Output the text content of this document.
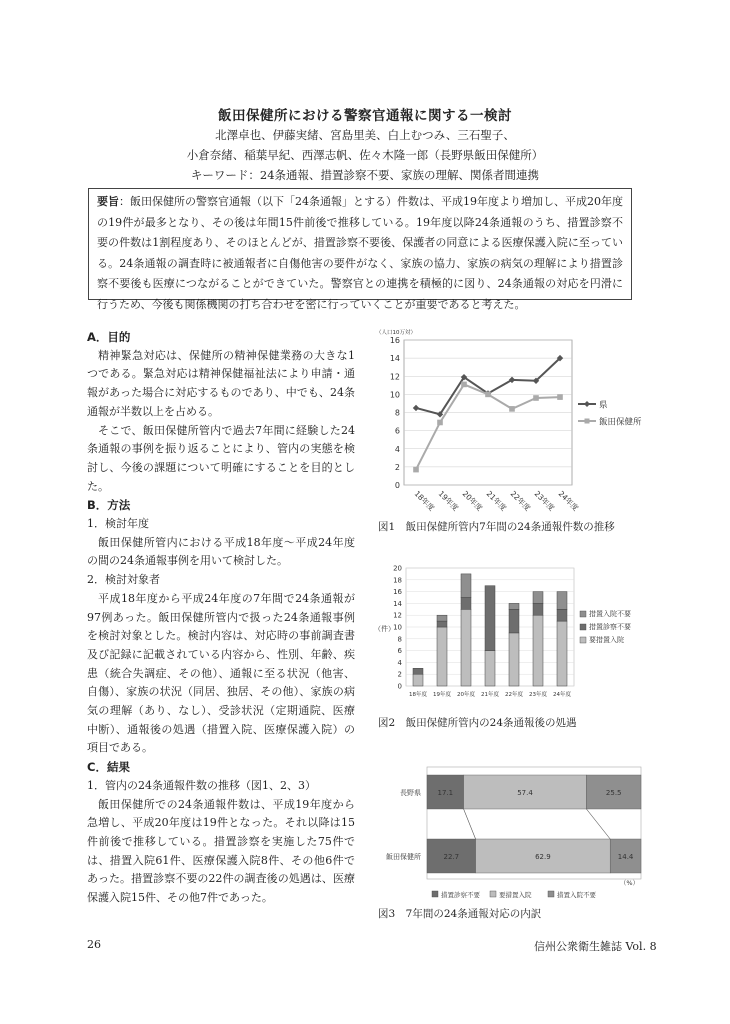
飯田保健所における警察官通報に関する一検討
北澤卓也、伊藤実緒、宮島里美、白上むつみ、三石聖子、
小倉奈緒、稲葉早紀、西澤志帆、佐々木隆一郎（長野県飯田保健所）
キーワード：24条通報、措置診察不要、家族の理解、関係者間連携
要旨：飯田保健所の警察官通報（以下「24条通報」とする）件数は、平成19年度より増加し、平成20年度の19件が最多となり、その後は年間15件前後で推移している。19年度以降24条通報のうち、措置診察不要の件数は1割程度あり、そのほとんどが、措置診察不要後、保護者の同意による医療保護入院に至っている。24条通報の調査時に被通報者に自傷他害の要件がなく、家族の協力、家族の病気の理解により措置診察不要後も医療につながることができていた。警察官との連携を積極的に図り、24条通報の対応を円滑に行うため、今後も関係機関の打ち合わせを密に行っていくことが重要であると考えた。

A．目的

精神緊急対応は、保健所の精神保健業務の大きな1つである。緊急対応は精神保健福祉法により申請・通報があった場合に対応するものであり、中でも、24条通報が半数以上を占める。

そこで、飯田保健所管内で過去7年間に経験した24条通報の事例を振り返ることにより、管内の実態を検討し、今後の課題について明確にすることを目的とした。

B．方法

1．検討年度

飯田保健所管内における平成18年度～平成24年度の間の24条通報事例を用いて検討した。

2．検討対象者

平成18年度から平成24年度の7年間で24条通報が97例あった。飯田保健所管内で扱った24条通報事例を検討対象とした。検討内容は、対応時の事前調査書及び記録に記載されている内容から、性別、年齢、疾患（統合失調症、その他）、通報に至る状況（他害、自傷）、家族の状況（同居、独居、その他）、家族の病気の理解（あり、なし）、受診状況（定期通院、医療中断）、通報後の処遇（措置入院、医療保護入院）の項目である。

C．結果

1．管内の24条通報件数の推移（図1、2、3）

飯田保健所での24条通報件数は、平成19年度から急増し、平成20年度は19件となった。それ以降は15件前後で推移している。措置診察を実施した75件では、措置入院61件、医療保護入院8件、その他6件であった。措置診察不要の22件の調査後の処遇は、医療保護入院15件、その他7件であった。

（人口10万対）
0
2
4
6
8
10
12
14
16
18年度 19年度 20年度 21年度 22年度 23年度 24年度
県
飯田保健所
図1　飯田保健所管内7年間の24条通報件数の推移
0
2
4
6
8
10
12
14
16
18
20
（件）
18年度 19年度 20年度 21年度 22年度 23年度 24年度
措置入院不要
措置診察不要
要措置入院
図2　飯田保健所管内の24条通報後の処遇
17.1	57.4	25.5
長野県
22.7	62.9	14.4
飯田保健所
（%）
措置診察不要	要措置入院	措置入院不要
図3　7年間の24条通報対応の内訳
26	信州公衆衛生雑誌 Vol. 8
